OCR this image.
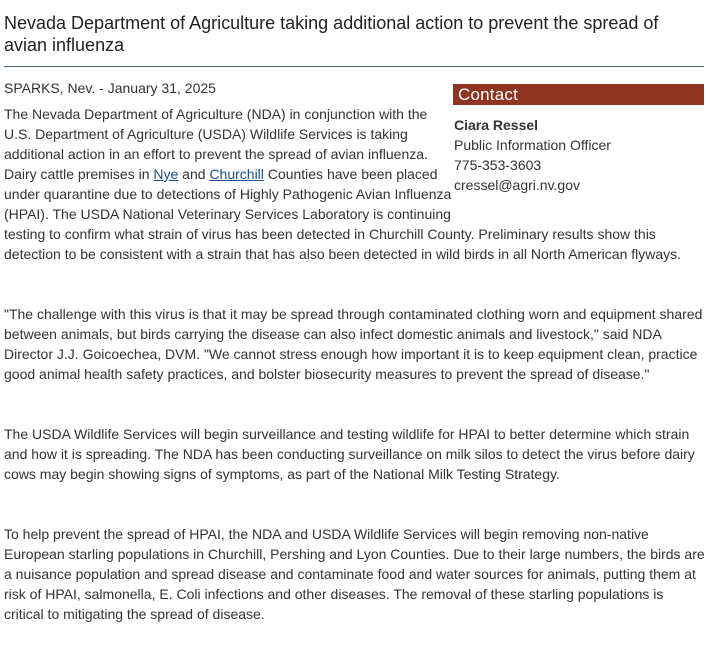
Nevada Department of Agriculture taking additional action to prevent the spread of avian influenza
SPARKS, Nev. - January 31, 2025	Contact
Ciara Ressel
Public Information Officer
775-353-3603
cressel@agri.nv.gov

The Nevada Department of Agriculture (NDA) in conjunction with the U.S. Department of Agriculture (USDA) Wildlife Services is taking additional action in an effort to prevent the spread of avian influenza. Dairy cattle premises in Nye and Churchill Counties have been placed under quarantine due to detections of Highly Pathogenic Avian Influenza (HPAI). The USDA National Veterinary Services Laboratory is continuing testing to confirm what strain of virus has been detected in Churchill County. Preliminary results show this detection to be consistent with a strain that has also been detected in wild birds in all North American flyways.

"The challenge with this virus is that it may be spread through contaminated clothing worn and equipment shared between animals, but birds carrying the disease can also infect domestic animals and livestock," said NDA Director J.J. Goicoechea, DVM. "We cannot stress enough how important it is to keep equipment clean, practice good animal health safety practices, and bolster biosecurity measures to prevent the spread of disease."

The USDA Wildlife Services will begin surveillance and testing wildlife for HPAI to better determine which strain and how it is spreading. The NDA has been conducting surveillance on milk silos to detect the virus before dairy cows may begin showing signs of symptoms, as part of the National Milk Testing Strategy.

To help prevent the spread of HPAI, the NDA and USDA Wildlife Services will begin removing non-native European starling populations in Churchill, Pershing and Lyon Counties. Due to their large numbers, the birds are a nuisance population and spread disease and contaminate food and water sources for animals, putting them at risk of HPAI, salmonella, E. Coli infections and other diseases. The removal of these starling populations is critical to mitigating the spread of disease.
